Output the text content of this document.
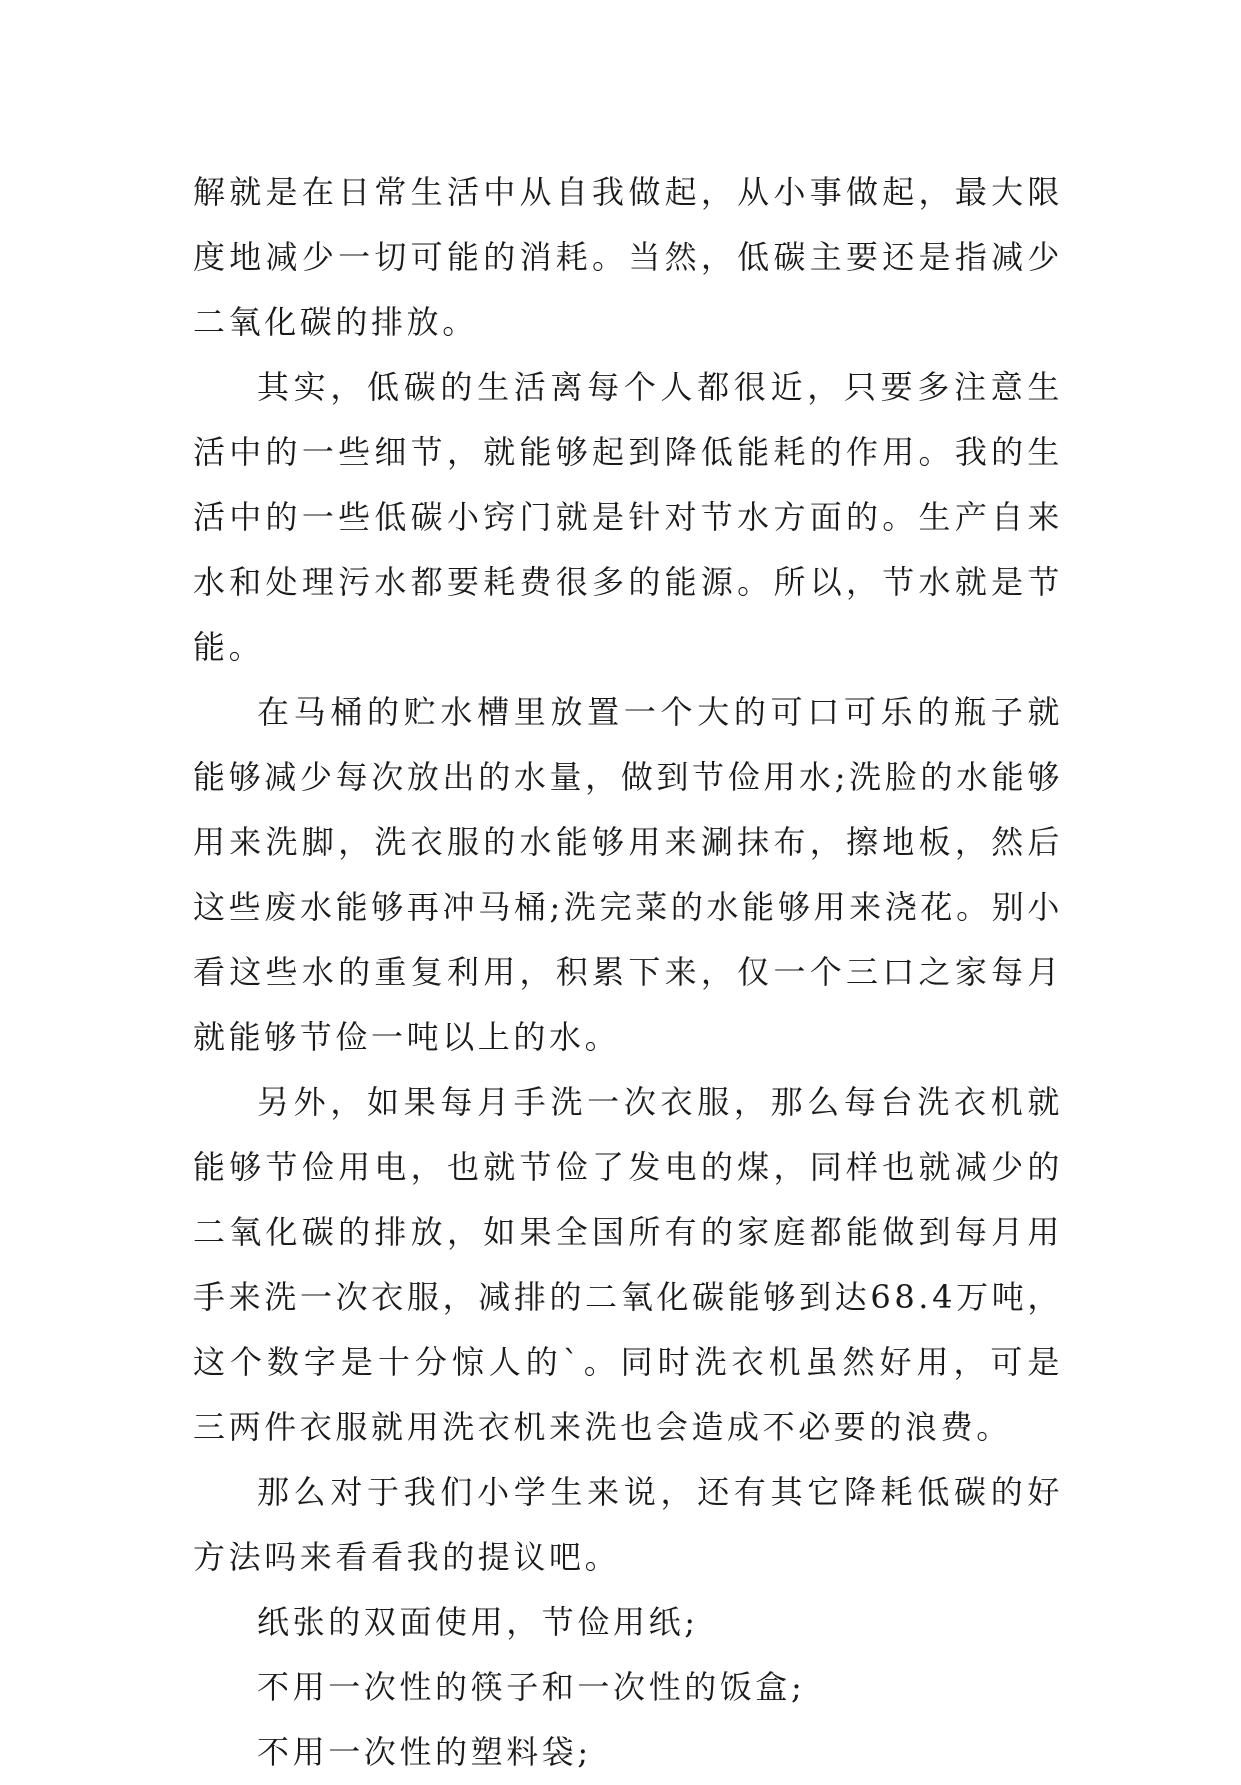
解就是在日常生活中从自我做起，从小事做起，最大限度地减少一切可能的消耗。当然，低碳主要还是指减少二氧化碳的排放。

其实，低碳的生活离每个人都很近，只要多注意生活中的一些细节，就能够起到降低能耗的作用。我的生活中的一些低碳小窍门就是针对节水方面的。生产自来水和处理污水都要耗费很多的能源。所以，节水就是节能。

在马桶的贮水槽里放置一个大的可口可乐的瓶子就能够减少每次放出的水量，做到节俭用水;洗脸的水能够用来洗脚，洗衣服的水能够用来涮抹布，擦地板，然后这些废水能够再冲马桶;洗完菜的水能够用来浇花。别小看这些水的重复利用，积累下来，仅一个三口之家每月就能够节俭一吨以上的水。

另外，如果每月手洗一次衣服，那么每台洗衣机就能够节俭用电，也就节俭了发电的煤，同样也就减少的二氧化碳的排放，如果全国所有的家庭都能做到每月用手来洗一次衣服，减排的二氧化碳能够到达68.4万吨，这个数字是十分惊人的`。同时洗衣机虽然好用，可是三两件衣服就用洗衣机来洗也会造成不必要的浪费。

那么对于我们小学生来说，还有其它降耗低碳的好方法吗来看看我的提议吧。

纸张的双面使用，节俭用纸;

不用一次性的筷子和一次性的饭盒;

不用一次性的塑料袋;
